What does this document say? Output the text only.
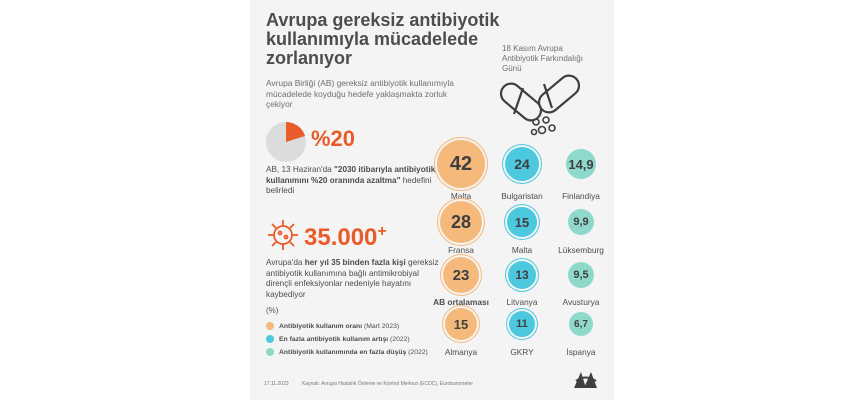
Avrupa gereksiz antibiyotik
kullanımıyla mücadelede
zorlanıyor
Avrupa Birliği (AB) gereksiz antibiyotik kullanımıyla mücadelede koyduğu hedefe yaklaşmakta zorluk çekiyor
18 Kasım Avrupa Antibiyotik Farkındalığı Günü
%20
AB, 13 Haziran'da "2030 itibarıyla antibiyotik kullanımını %20 oranında azaltma" hedefini belirledi
35.000+
Avrupa'da her yıl 35 binden fazla kişi gereksiz antibiyotik kullanımına bağlı antimikrobiyal dirençli enfeksiyonlar nedeniyle hayatını kaybediyor
(%)
Antibiyotik kullanım oranı (Mart 2023)
En fazla antibiyotik kullanım artışı (2022)
Antibiyotik kullanımında en fazla düşüş (2022)
42
Malta
28
Fransa
23
AB ortalaması
15
Almanya
24
Bulgaristan
15
Malta
13
Litvanya
11
GKRY
14,9
Finlandiya
9,9
Lüksemburg
9,5
Avusturya
6,7
İspanya
17.11.2023	Kaynak: Avrupa Hastalık Önleme ve Kontrol Merkezi (ECDC), Eurobarometer
